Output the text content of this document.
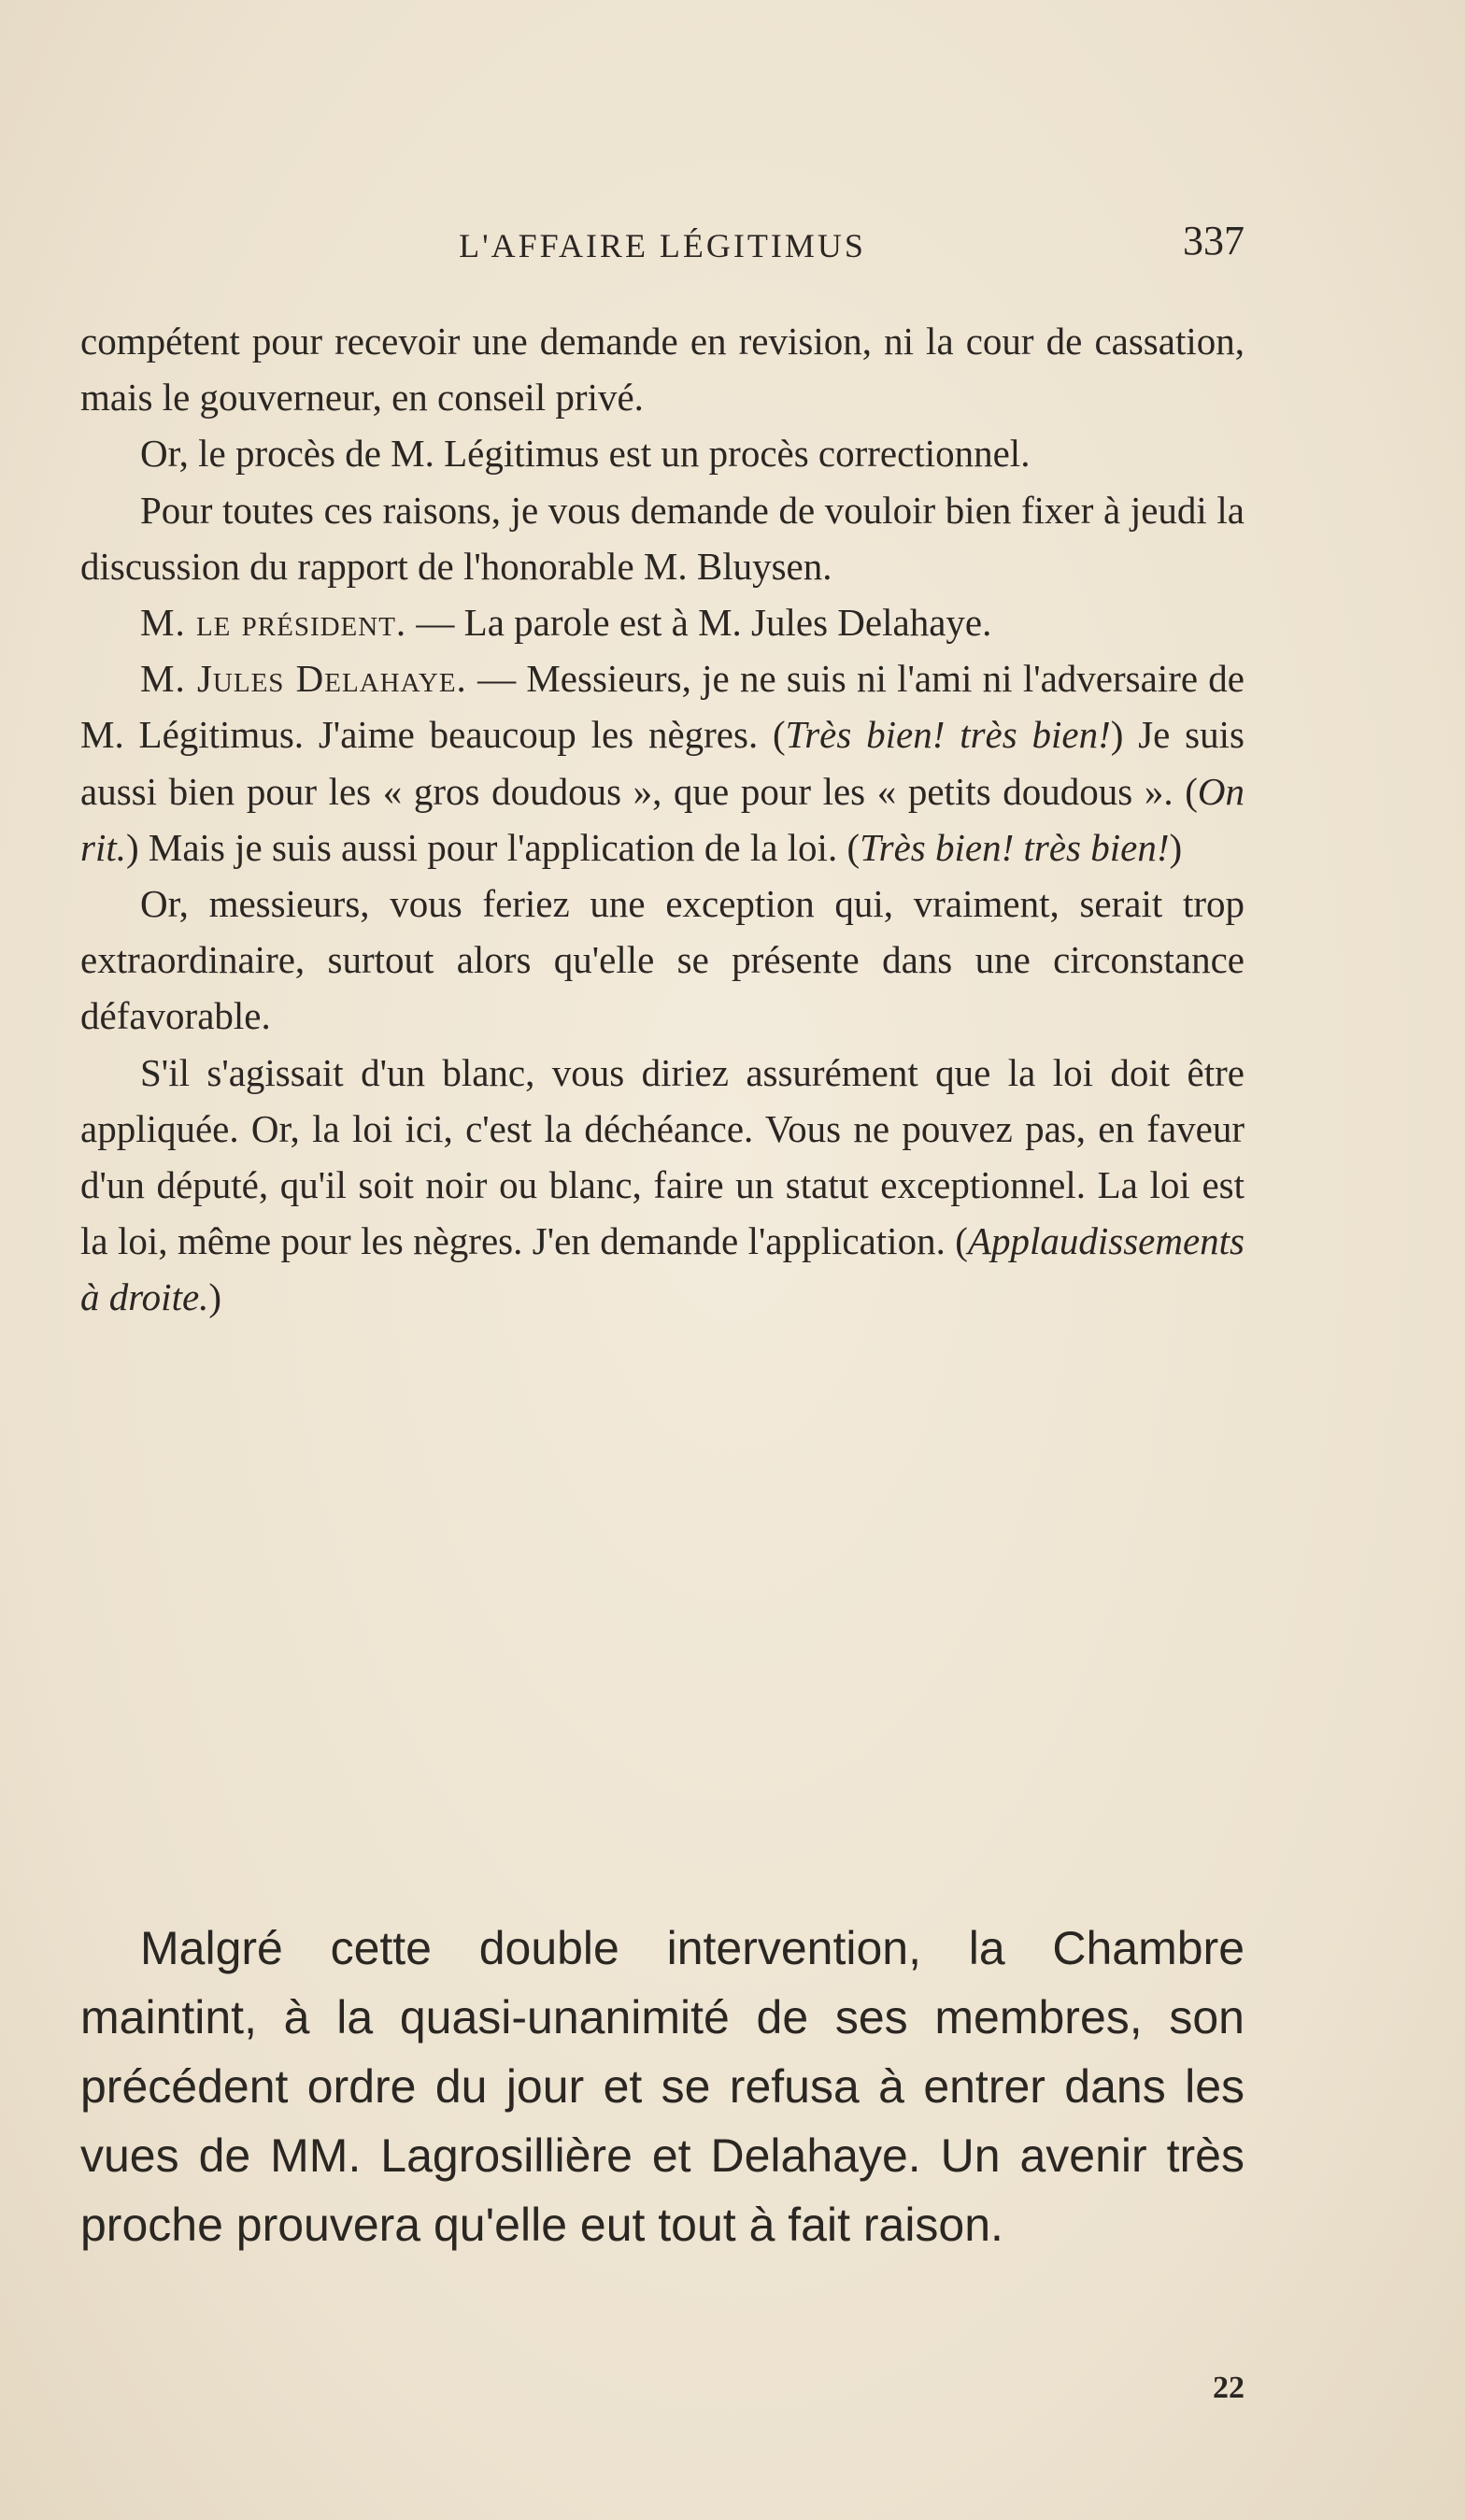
L'AFFAIRE LÉGITIMUS	337

compétent pour recevoir une demande en revision, ni la cour de cassation, mais le gouverneur, en conseil privé.

Or, le procès de M. Légitimus est un procès correctionnel.

Pour toutes ces raisons, je vous demande de vouloir bien fixer à jeudi la discussion du rapport de l'honorable M. Bluysen.

M. le président. — La parole est à M. Jules Delahaye.

M. Jules Delahaye. — Messieurs, je ne suis ni l'ami ni l'adversaire de M. Légitimus. J'aime beaucoup les nègres. (Très bien! très bien!) Je suis aussi bien pour les « gros doudous », que pour les « petits doudous ». (On rit.) Mais je suis aussi pour l'application de la loi. (Très bien! très bien!)

Or, messieurs, vous feriez une exception qui, vraiment, serait trop extraordinaire, surtout alors qu'elle se présente dans une circonstance défavorable.

S'il s'agissait d'un blanc, vous diriez assurément que la loi doit être appliquée. Or, la loi ici, c'est la déchéance. Vous ne pouvez pas, en faveur d'un député, qu'il soit noir ou blanc, faire un statut exceptionnel. La loi est la loi, même pour les nègres. J'en demande l'application. (Applaudissements à droite.)

Malgré cette double intervention, la Chambre maintint, à la quasi-unanimité de ses membres, son précédent ordre du jour et se refusa à entrer dans les vues de MM. Lagrosillière et Delahaye. Un avenir très proche prouvera qu'elle eut tout à fait raison.

22
